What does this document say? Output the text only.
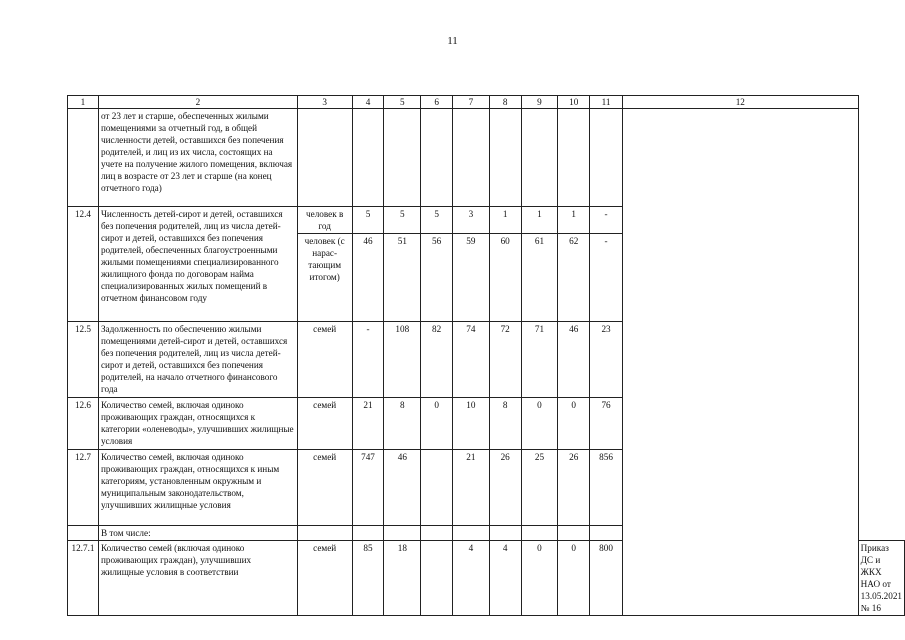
11
1	2	3	4	5	6	7	8	9	10	11	12	
	от 23 лет и старше, обеспеченных жилыми помещениями за отчетный год, в общей численности детей, оставшихся без попечения родителей, и лиц из их числа, состоящих на учете на получение жилого помещения, включая лиц в возрасте от 23 лет и старше (на конец отчетного года)											
12.4	Численность детей-сирот и детей, оставшихся без попечения родителей, лиц из числа детей-сирот и детей, оставшихся без попечения родителей, обеспеченных благоустроенными жилыми помещениями специализированного жилищного фонда по договорам найма специализированных жилых помещений в отчетном финансовом году	человек в год	5	5	5	3	1	1	1	-		
		человек (с нарас-тающим итогом)	46	51	56	59	60	61	62	-		
12.5	Задолженность по обеспечению жилыми помещениями детей-сирот и детей, оставшихся без попечения родителей, лиц из числа детей-сирот и детей, оставшихся без попечения родителей, на начало отчетного финансового года	семей	-	108	82	74	72	71	46	23		
12.6	Количество семей, включая одиноко проживающих граждан, относящихся к категории «оленеводы», улучшивших жилищные условия	семей	21	8	0	10	8	0	0	76		
12.7	Количество семей, включая одиноко проживающих граждан, относящихся к иным категориям, установленным окружным и муниципальным законодательством, улучшивших жилищные условия	семей	747	46		21	26	25	26	856		
	В том числе:											
12.7.1	Количество семей (включая одиноко проживающих граждан), улучшивших жилищные условия в соответствии	семей	85	18		4	4	0	0	800		Приказ ДС и ЖКХ НАО от 13.05.2021 № 16
